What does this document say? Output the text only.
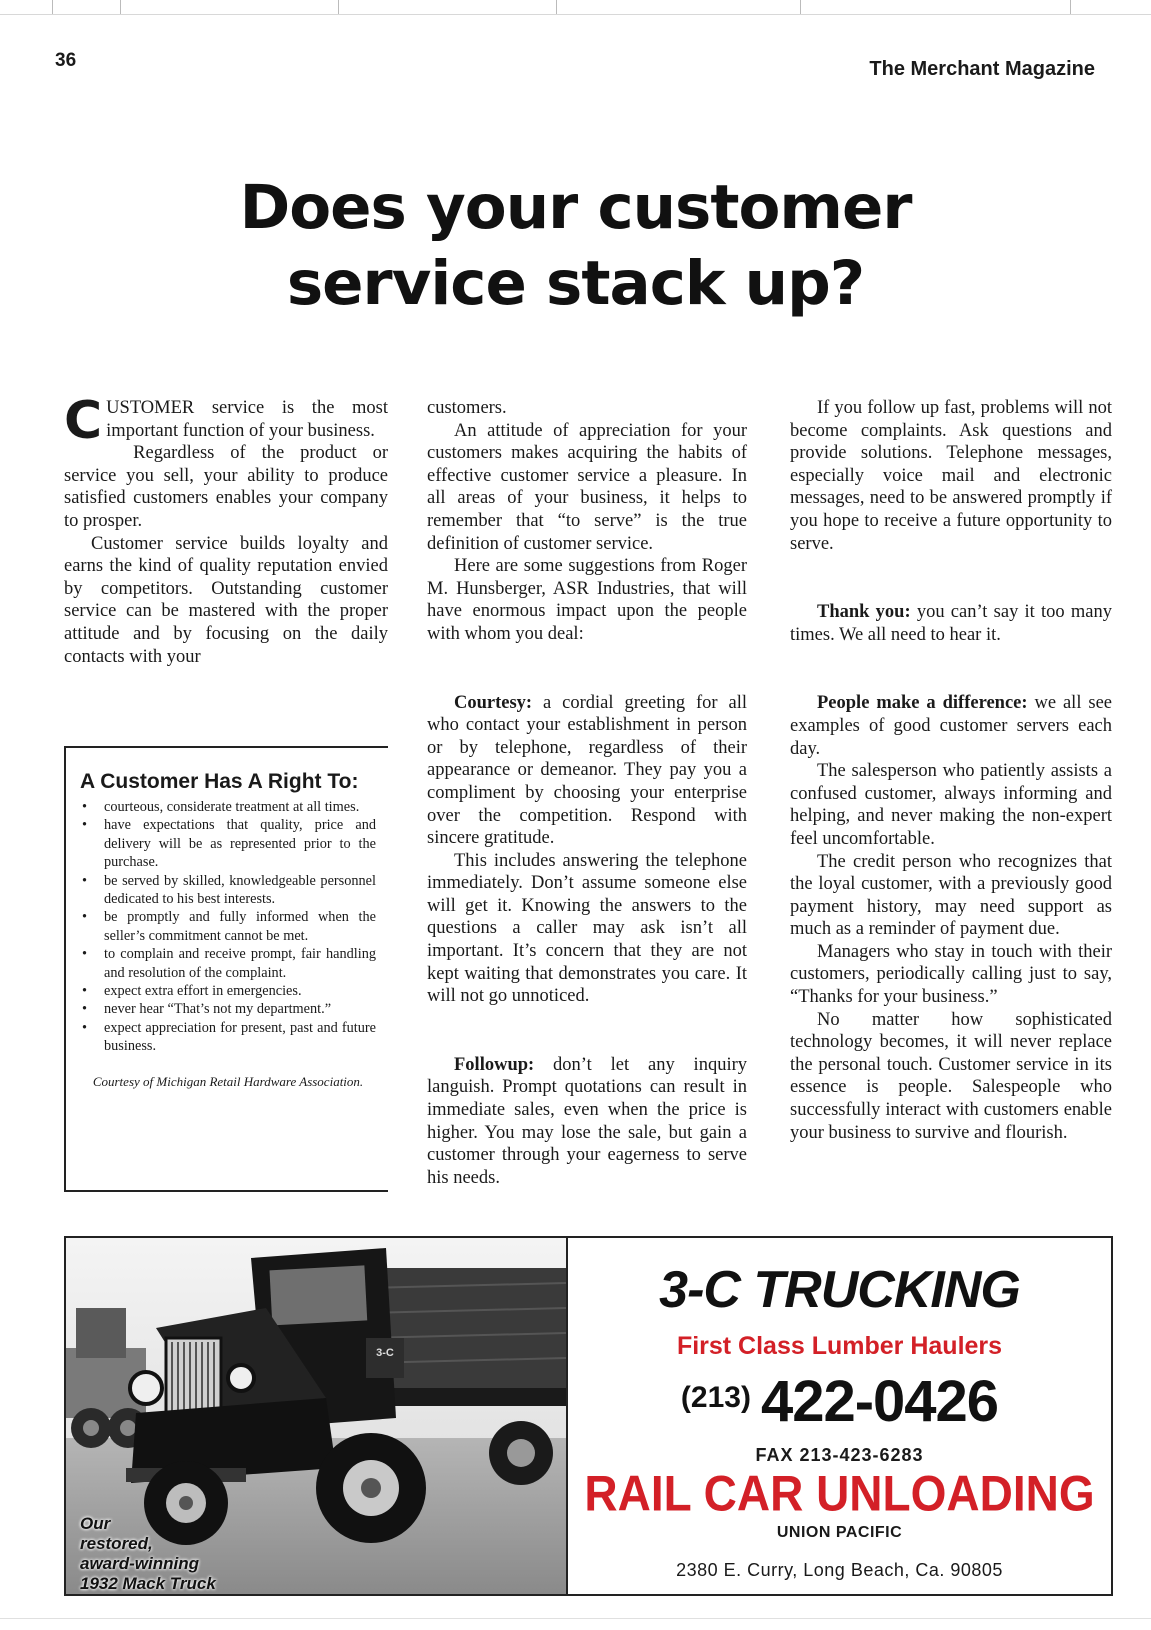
36	The Merchant Magazine
Does your customer
service stack up?

CUSTOMER service is the most important function of your business.

Regardless of the product or service you sell, your ability to produce satisfied customers enables your company to prosper.

Customer service builds loyalty and earns the kind of quality reputation envied by competitors. Outstanding customer service can be mastered with the proper attitude and by focusing on the daily contacts with your

A Customer Has A Right To:
• courteous, considerate treatment at all times.
• have expectations that quality, price and delivery will be as represented prior to the purchase.
• be served by skilled, knowledgeable personnel dedicated to his best interests.
• be promptly and fully informed when the seller’s commitment cannot be met.
• to complain and receive prompt, fair handling and resolution of the complaint.
• expect extra effort in emergencies.
• never hear “That’s not my department.”
• expect appreciation for present, past and future business.
Courtesy of Michigan Retail Hardware Association.

customers.

An attitude of appreciation for your customers makes acquiring the habits of effective customer service a pleasure. In all areas of your business, it helps to remember that “to serve” is the true definition of customer service.

Here are some suggestions from Roger M. Hunsberger, ASR Industries, that will have enormous impact upon the people with whom you deal:

Courtesy: a cordial greeting for all who contact your establishment in person or by telephone, regardless of their appearance or demeanor. They pay you a compliment by choosing your enterprise over the competition. Respond with sincere gratitude.

This includes answering the telephone immediately. Don’t assume someone else will get it. Knowing the answers to the questions a caller may ask isn’t all important. It’s concern that they are not kept waiting that demonstrates you care. It will not go unnoticed.

Followup: don’t let any inquiry languish. Prompt quotations can result in immediate sales, even when the price is higher. You may lose the sale, but gain a customer through your eagerness to serve his needs.

If you follow up fast, problems will not become complaints. Ask questions and provide solutions. Telephone messages, especially voice mail and electronic messages, need to be answered promptly if you hope to receive a future opportunity to serve.

Thank you: you can’t say it too many times. We all need to hear it.

People make a difference: we all see examples of good customer servers each day.

The salesperson who patiently assists a confused customer, always informing and helping, and never making the non-expert feel uncomfortable.

The credit person who recognizes that the loyal customer, with a previously good payment history, may need support as much as a reminder of payment due.

Managers who stay in touch with their customers, periodically calling just to say, “Thanks for your business.”

No matter how sophisticated technology becomes, it will never replace the personal touch. Customer service in its essence is people. Salespeople who successfully interact with customers enable your business to survive and flourish.

3-C
Our
restored,
award-winning
1932 Mack Truck
3-C TRUCKING
First Class Lumber Haulers
(213) 422-0426
FAX 213-423-6283
RAIL CAR UNLOADING
UNION PACIFIC
2380 E. Curry, Long Beach, Ca. 90805
